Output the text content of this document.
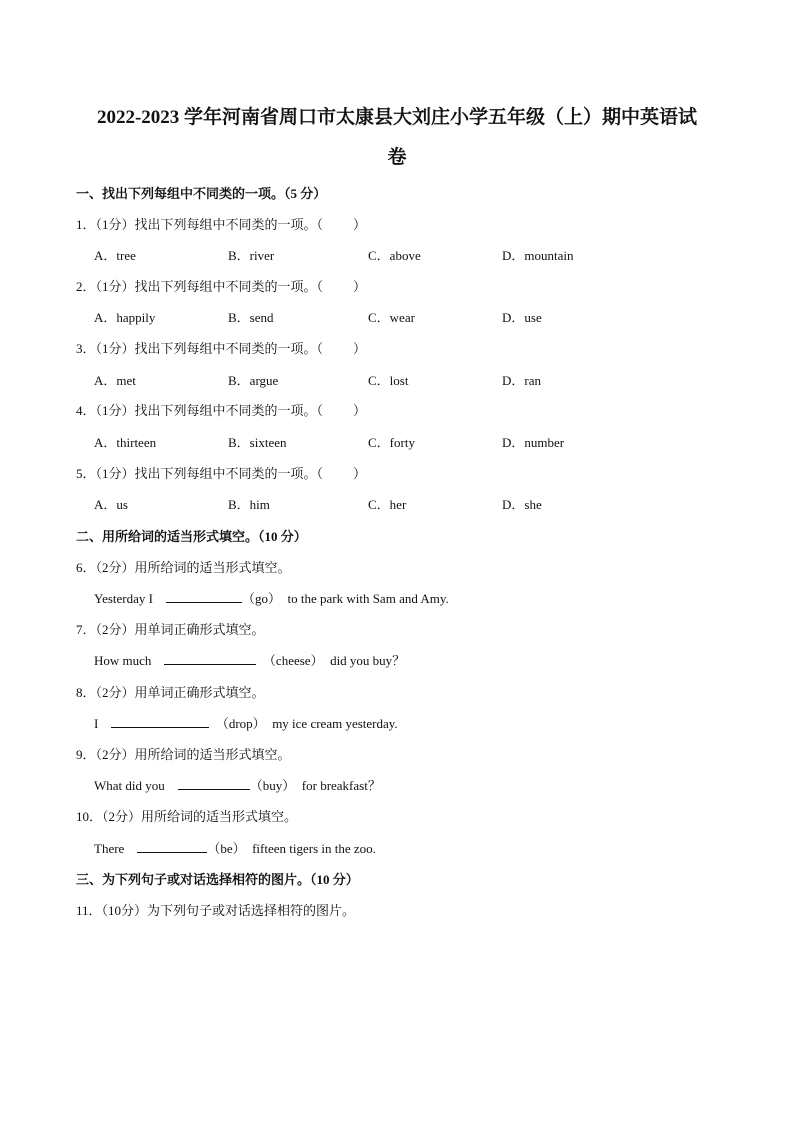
2022-2023 学年河南省周口市太康县大刘庄小学五年级（上）期中英语试
卷
一、找出下列每组中不同类的一项。（5 分）
1．（1分）找出下列每组中不同类的一项。（ ）
A．tree	B．river	C．above	D．mountain
2．（1分）找出下列每组中不同类的一项。（ ）
A．happily	B．send	C．wear	D．use
3．（1分）找出下列每组中不同类的一项。（ ）
A．met	B．argue	C．lost	D．ran
4．（1分）找出下列每组中不同类的一项。（ ）
A．thirteen	B．sixteen	C．forty	D．number
5．（1分）找出下列每组中不同类的一项。（ ）
A．us	B．him	C．her	D．she
二、用所给词的适当形式填空。（10 分）
6．（2分）用所给词的适当形式填空。
Yesterday I	（go） to the park with Sam and Amy.
7．（2分）用单词正确形式填空。
How much	（cheese） did you buy？
8．（2分）用单词正确形式填空。
I	（drop） my ice cream yesterday.
9．（2分）用所给词的适当形式填空。
What did you	（buy） for breakfast？
10．（2分）用所给词的适当形式填空。
There	（be） fifteen tigers in the zoo.
三、为下列句子或对话选择相符的图片。（10 分）
11．（10分）为下列句子或对话选择相符的图片。
